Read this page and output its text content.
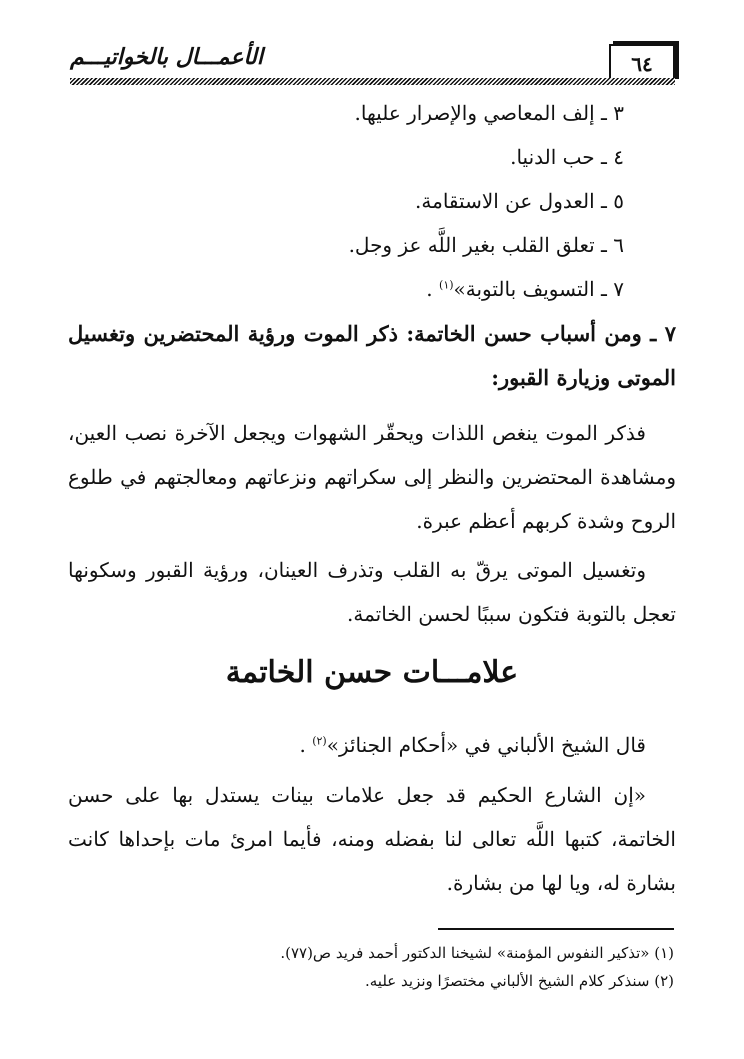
٦٤
الأعمـــال بالخواتيـــم
٣ ـ إلف المعاصي والإصرار عليها.
٤ ـ حب الدنيا.
٥ ـ العدول عن الاستقامة.
٦ ـ تعلق القلب بغير اللَّه عز وجل.
٧ ـ التسويف بالتوبة»$^{(١)}$ .
٧ ـ ومن أسباب حسن الخاتمة: ذكر الموت ورؤية المحتضرين وتغسيل
الموتى وزيارة القبور:
فذكر الموت ينغص اللذات ويحقّر الشهوات ويجعل الآخرة نصب العين،
ومشاهدة المحتضرين والنظر إلى سكراتهم ونزعاتهم ومعالجتهم في طلوع
الروح وشدة كربهم أعظم عبرة.
وتغسيل الموتى يرقّ به القلب وتذرف العينان، ورؤية القبور وسكونها
تعجل بالتوبة فتكون سببًا لحسن الخاتمة.
علامـــات حسن الخاتمة
قال الشيخ الألباني في «أحكام الجنائز»$^{(٢)}$ .
«إن الشارع الحكيم قد جعل علامات بينات يستدل بها على حسن
الخاتمة، كتبها اللَّه تعالى لنا بفضله ومنه، فأيما امرئ مات بإحداها كانت
بشارة له، ويا لها من بشارة.
(١) «تذكير النفوس المؤمنة» لشيخنا الدكتور أحمد فريد ص(٧٧).
(٢) سنذكر كلام الشيخ الألباني مختصرًا ونزيد عليه.
